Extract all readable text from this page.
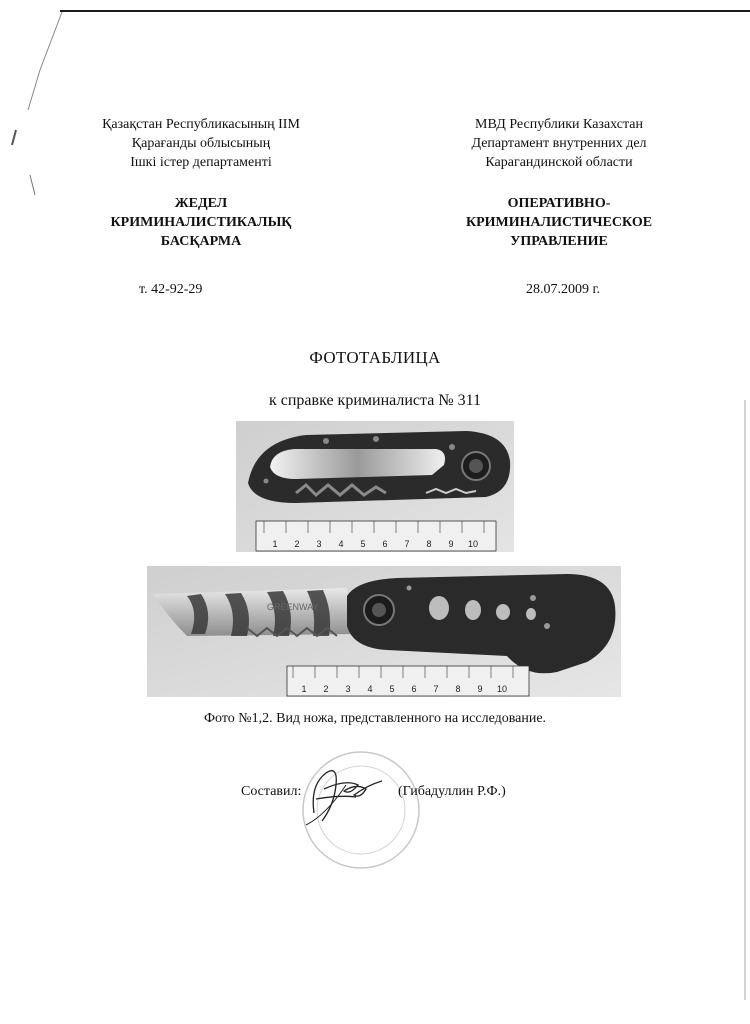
Қазақстан Республикасының ІІМ
Қарағанды облысының
Ішкі істер департаменті
ЖЕДЕЛ
КРИМИНАЛИСТИКАЛЫҚ
БАСҚАРМА
МВД Республики Казахстан
Департамент внутренних дел
Карагандинской области
ОПЕРАТИВНО-
КРИМИНАЛИСТИЧЕСКОЕ
УПРАВЛЕНИЕ
т. 42-92-29	28.07.2009 г.
ФОТОТАБЛИЦА
к справке криминалиста № 311
1 2 3 4 5 6 7 8 9 10
GREENWAY
1 2 3 4 5 6 7 8 9 10
Фото №1,2. Вид ножа, представленного на исследование.
Составил:	(Гибадуллин Р.Ф.)
